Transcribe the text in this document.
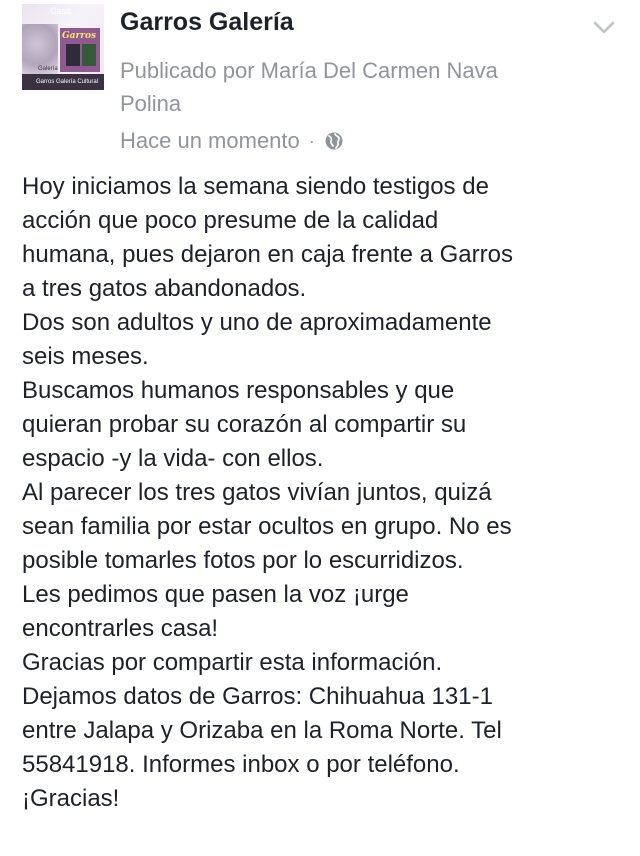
Casa
Garros
Galería
Garros Galería Cultural
Garros Galería
Publicado por María Del Carmen Nava Polina
Hace un momento ·

Hoy iniciamos la semana siendo testigos de

acción que poco presume de la calidad

humana, pues dejaron en caja frente a Garros

a tres gatos abandonados.

Dos son adultos y uno de aproximadamente

seis meses.

Buscamos humanos responsables y que

quieran probar su corazón al compartir su

espacio -y la vida- con ellos.

Al parecer los tres gatos vivían juntos, quizá

sean familia por estar ocultos en grupo. No es

posible tomarles fotos por lo escurridizos.

Les pedimos que pasen la voz ¡urge

encontrarles casa!

Gracias por compartir esta información.

Dejamos datos de Garros: Chihuahua 131-1

entre Jalapa y Orizaba en la Roma Norte. Tel

55841918. Informes inbox o por teléfono.

¡Gracias!
